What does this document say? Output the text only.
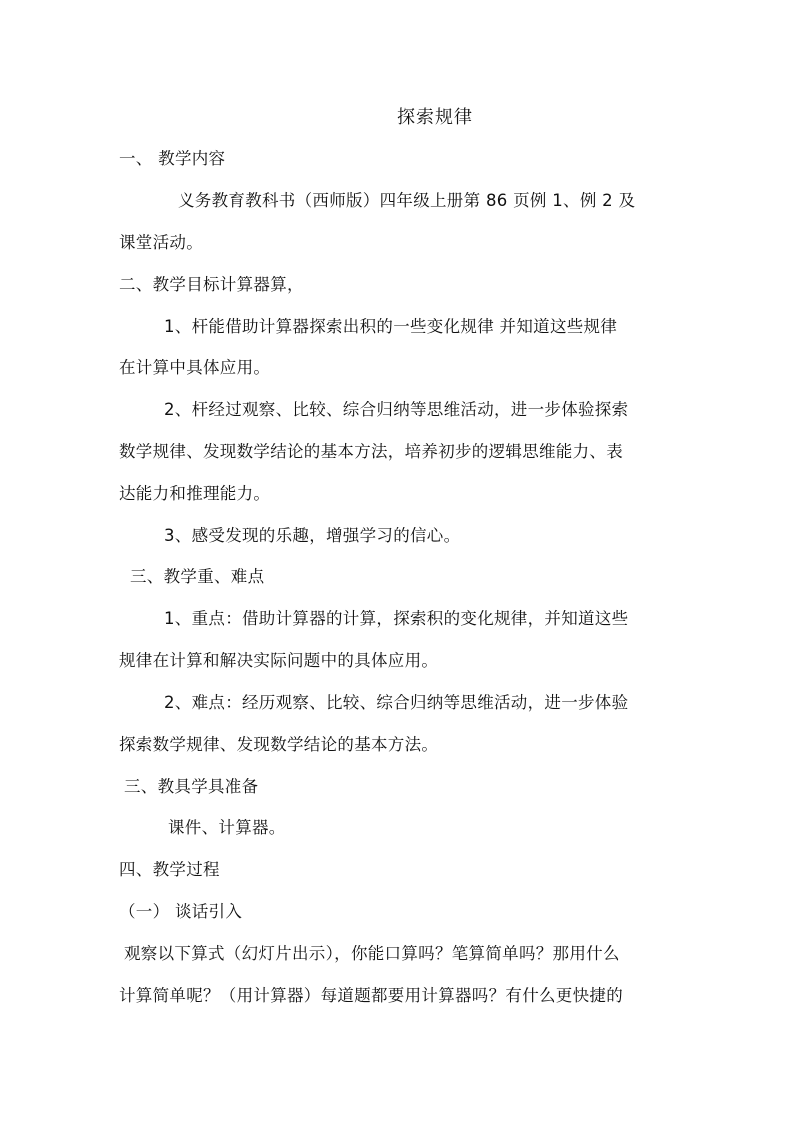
探索规律
一、 教学内容
义务教育教科书（西师版）四年级上册第 86 页例 1、例 2 及
课堂活动。
二、教学目标计算器算，
1、杆能借助计算器探索出积的一些变化规律 并知道这些规律
在计算中具体应用。
2、杆经过观察、比较、综合归纳等思维活动，进一步体验探索
数学规律、发现数学结论的基本方法，培养初步的逻辑思维能力、表
达能力和推理能力。
3、感受发现的乐趣，增强学习的信心。
三、教学重、难点
1、重点：借助计算器的计算，探索积的变化规律，并知道这些
规律在计算和解决实际问题中的具体应用。
2、难点：经历观察、比较、综合归纳等思维活动，进一步体验
探索数学规律、发现数学结论的基本方法。
三、教具学具准备
课件、计算器。
四、教学过程
（一） 谈话引入
观察以下算式（幻灯片出示），你能口算吗？笔算简单吗？那用什么
计算简单呢？（用计算器）每道题都要用计算器吗？有什么更快捷的
